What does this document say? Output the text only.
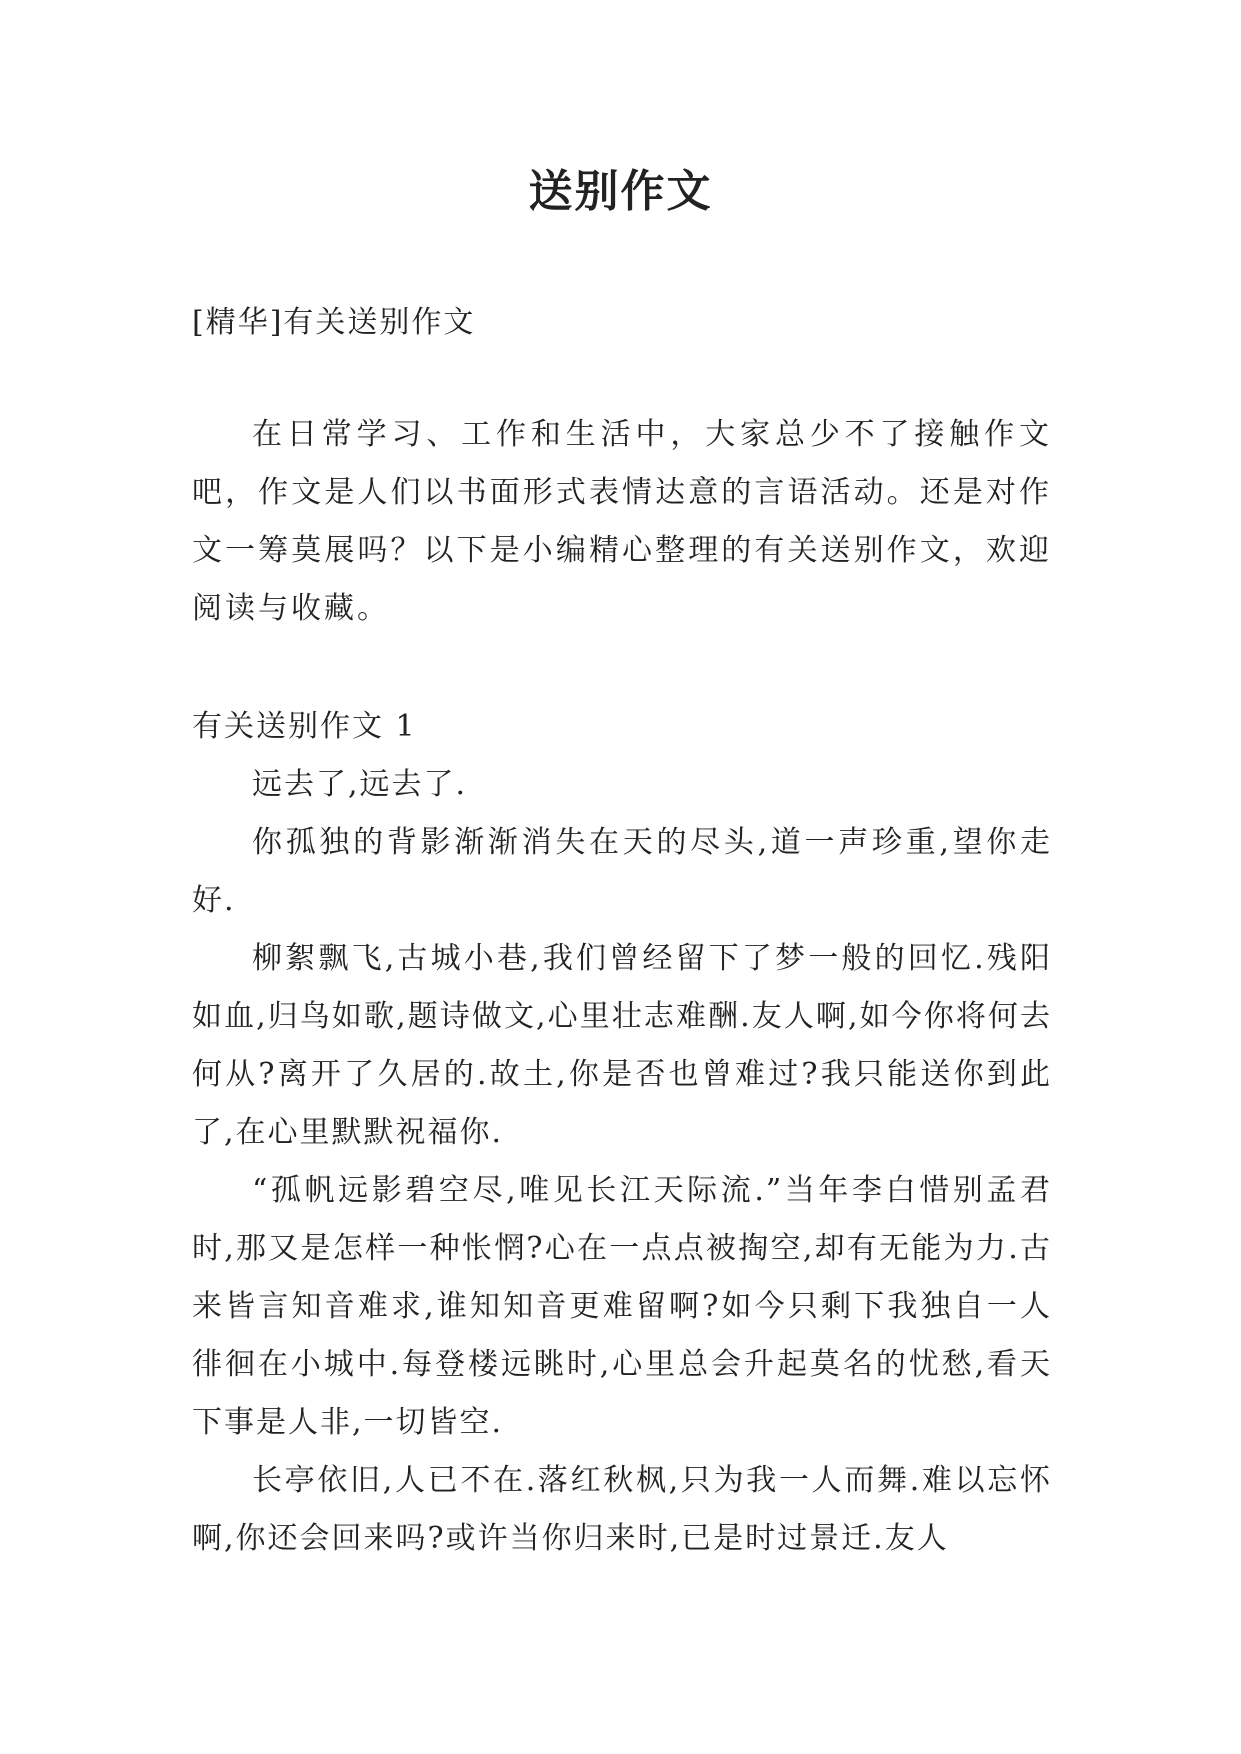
送别作文
[精华]有关送别作文
在日常学习、工作和生活中，大家总少不了接触作文吧，作文是人们以书面形式表情达意的言语活动。还是对作文一筹莫展吗？以下是小编精心整理的有关送别作文，欢迎阅读与收藏。

有关送别作文 1

远去了,远去了.

你孤独的背影渐渐消失在天的尽头,道一声珍重,望你走好.

柳絮飘飞,古城小巷,我们曾经留下了梦一般的回忆.残阳如血,归鸟如歌,题诗做文,心里壮志难酬.友人啊,如今你将何去何从?离开了久居的.故土,你是否也曾难过?我只能送你到此了,在心里默默祝福你.

“孤帆远影碧空尽,唯见长江天际流.”当年李白惜别孟君时,那又是怎样一种怅惘?心在一点点被掏空,却有无能为力.古来皆言知音难求,谁知知音更难留啊?如今只剩下我独自一人徘徊在小城中.每登楼远眺时,心里总会升起莫名的忧愁,看天下事是人非,一切皆空.

长亭依旧,人已不在.落红秋枫,只为我一人而舞.难以忘怀啊,你还会回来吗?或许当你归来时,已是时过景迁.友人
